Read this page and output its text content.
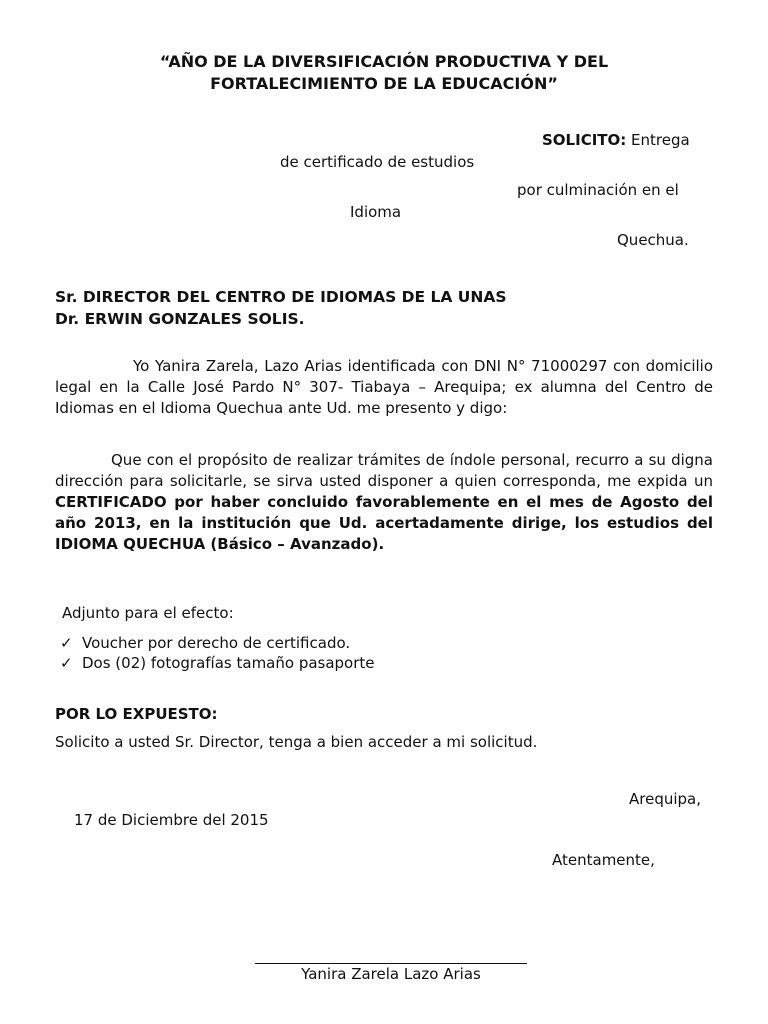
“AÑO DE LA DIVERSIFICACIÓN PRODUCTIVA Y DEL
FORTALECIMIENTO DE LA EDUCACIÓN”
SOLICITO: Entrega
de certificado de estudios
por culminación en el
Idioma
Quechua.
Sr. DIRECTOR DEL CENTRO DE IDIOMAS DE LA UNAS
Dr. ERWIN GONZALES SOLIS.
Yo Yanira Zarela, Lazo Arias identificada con DNI N° 71000297 con domicilio legal en la Calle José Pardo N° 307- Tiabaya – Arequipa; ex alumna del Centro de Idiomas en el Idioma Quechua ante Ud. me presento y digo:
Que con el propósito de realizar trámites de índole personal, recurro a su digna dirección para solicitarle, se sirva usted disponer a quien corresponda, me expida un CERTIFICADO por haber concluido favorablemente en el mes de Agosto del año 2013, en la institución que Ud. acertadamente dirige, los estudios del IDIOMA QUECHUA (Básico – Avanzado).
Adjunto para el efecto:
✓ Voucher por derecho de certificado.
✓ Dos (02) fotografías tamaño pasaporte
POR LO EXPUESTO:
Solicito a usted Sr. Director, tenga a bien acceder a mi solicitud.
Arequipa,
17 de Diciembre del 2015
Atentamente,
Yanira Zarela Lazo Arias
